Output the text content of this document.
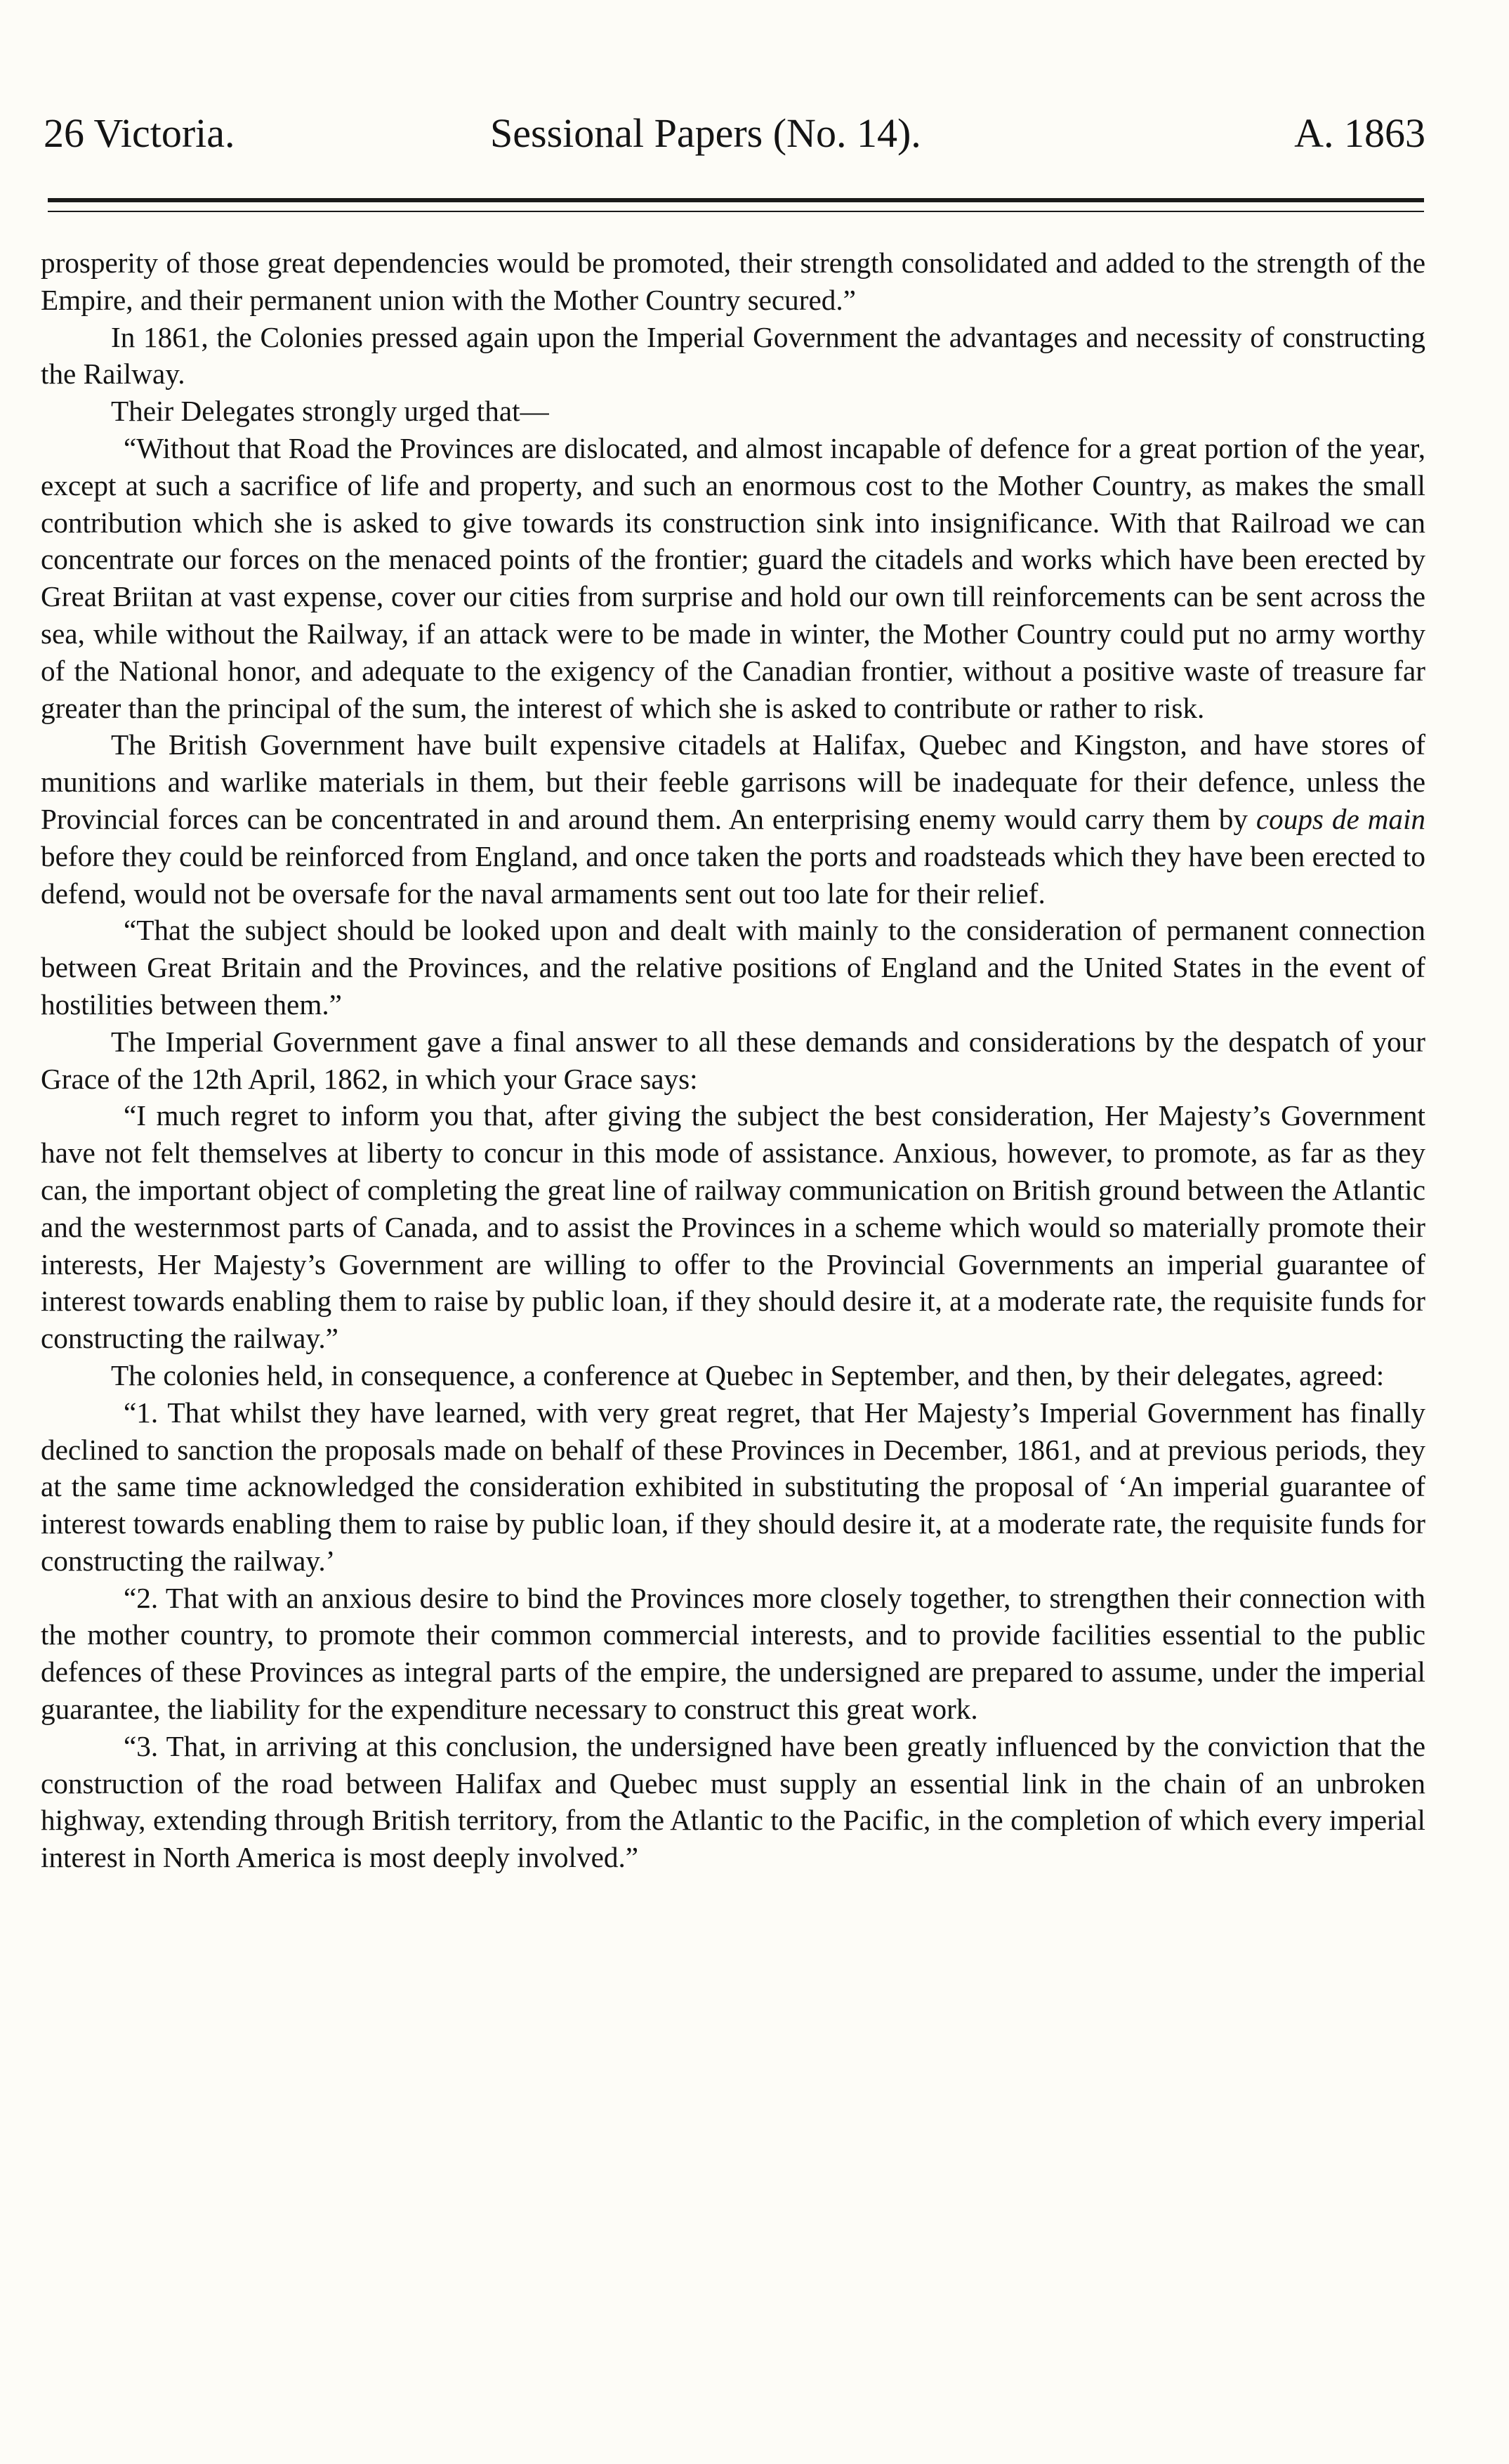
26 Victoria.	Sessional Papers (No. 14).	A. 1863

prosperity of those great dependencies would be promoted, their strength consolidated and added to the strength of the Empire, and their permanent union with the Mother Country secured.”

In 1861, the Colonies pressed again upon the Imperial Government the advantages and necessity of constructing the Railway.

Their Delegates strongly urged that—

“Without that Road the Provinces are dislocated, and almost incapable of defence for a great portion of the year, except at such a sacrifice of life and property, and such an enormous cost to the Mother Country, as makes the small contribution which she is asked to give towards its construction sink into insignificance. With that Railroad we can concentrate our forces on the menaced points of the frontier; guard the citadels and works which have been erected by Great Briitan at vast expense, cover our cities from surprise and hold our own till reinforcements can be sent across the sea, while without the Railway, if an attack were to be made in winter, the Mother Country could put no army worthy of the National honor, and adequate to the exigency of the Canadian frontier, without a positive waste of treasure far greater than the principal of the sum, the interest of which she is asked to contribute or rather to risk.

The British Government have built expensive citadels at Halifax, Quebec and Kingston, and have stores of munitions and warlike materials in them, but their feeble garrisons will be inadequate for their defence, unless the Provincial forces can be concentrated in and around them. An enterprising enemy would carry them by coups de main before they could be reinforced from England, and once taken the ports and roadsteads which they have been erected to defend, would not be oversafe for the naval armaments sent out too late for their relief.

“That the subject should be looked upon and dealt with mainly to the consideration of permanent connection between Great Britain and the Provinces, and the relative positions of England and the United States in the event of hostilities between them.”

The Imperial Government gave a final answer to all these demands and considerations by the despatch of your Grace of the 12th April, 1862, in which your Grace says:

“I much regret to inform you that, after giving the subject the best consideration, Her Majesty’s Government have not felt themselves at liberty to concur in this mode of assistance. Anxious, however, to promote, as far as they can, the important object of completing the great line of railway communication on British ground between the Atlantic and the westernmost parts of Canada, and to assist the Provinces in a scheme which would so materially promote their interests, Her Majesty’s Government are willing to offer to the Provincial Governments an imperial guarantee of interest towards enabling them to raise by public loan, if they should desire it, at a moderate rate, the requisite funds for constructing the railway.”

The colonies held, in consequence, a conference at Quebec in September, and then, by their delegates, agreed:

“1. That whilst they have learned, with very great regret, that Her Majesty’s Imperial Government has finally declined to sanction the proposals made on behalf of these Provinces in December, 1861, and at previous periods, they at the same time acknowledged the consideration exhibited in substituting the proposal of ‘An imperial guarantee of interest towards enabling them to raise by public loan, if they should desire it, at a moderate rate, the requisite funds for constructing the railway.’

“2. That with an anxious desire to bind the Provinces more closely together, to strengthen their connection with the mother country, to promote their common commercial interests, and to provide facilities essential to the public defences of these Provinces as integral parts of the empire, the undersigned are prepared to assume, under the imperial guarantee, the liability for the expenditure necessary to construct this great work.

“3. That, in arriving at this conclusion, the undersigned have been greatly influenced by the conviction that the construction of the road between Halifax and Quebec must supply an essential link in the chain of an unbroken highway, extending through British territory, from the Atlantic to the Pacific, in the completion of which every imperial interest in North America is most deeply involved.”
